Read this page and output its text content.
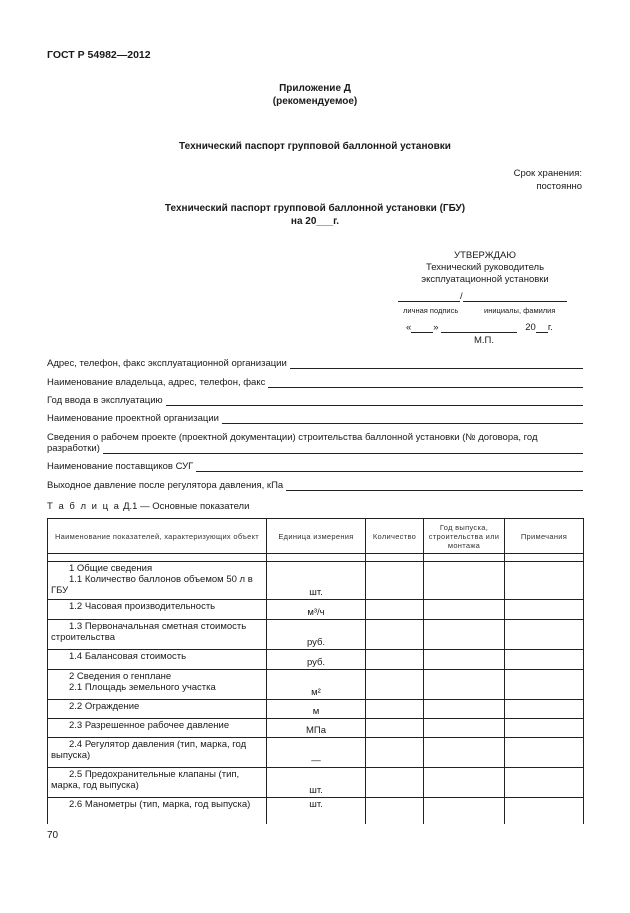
ГОСТ Р 54982—2012
Приложение Д
(рекомендуемое)
Технический паспорт групповой баллонной установки
Срок хранения:
постоянно
Технический паспорт групповой баллонной установки (ГБУ)
на 20___г.
УТВЕРЖДАЮ
Технический руководитель
эксплуатационной установки
/
личная подпись	инициалы, фамилия
« »	20 г.
М.П.
Адрес, телефон, факс эксплуатационной организации
Наименование владельца, адрес, телефон, факс
Год ввода в эксплуатацию
Наименование проектной организации
Сведения о рабочем проекте (проектной документации) строительства баллонной установки (№ договора, год
разработки)
Наименование поставщиков СУГ
Выходное давление после регулятора давления, кПа
Т а б л и ц а Д.1 — Основные показатели
Наименование показателей, характеризующих объект	Единица измерения	Количество	Год выпуска, строительства или монтажа	Примечания

1 Общие сведения
1.1 Количество баллонов объемом 50 л в ГБУ	шт.			
1.2 Часовая производительность	м³/ч			
1.3 Первоначальная сметная стоимость строительства	руб.			
1.4 Балансовая стоимость	руб.			

2 Сведения о генплане
2.1 Площадь земельного участка	м²			
2.2 Ограждение	м			
2.3 Разрешенное рабочее давление	МПа			
2.4 Регулятор давления (тип, марка, год выпуска)	—			
2.5 Предохранительные клапаны (тип, марка, год выпуска)	шт.			
2.6 Манометры (тип, марка, год выпуска)	шт.			
70
